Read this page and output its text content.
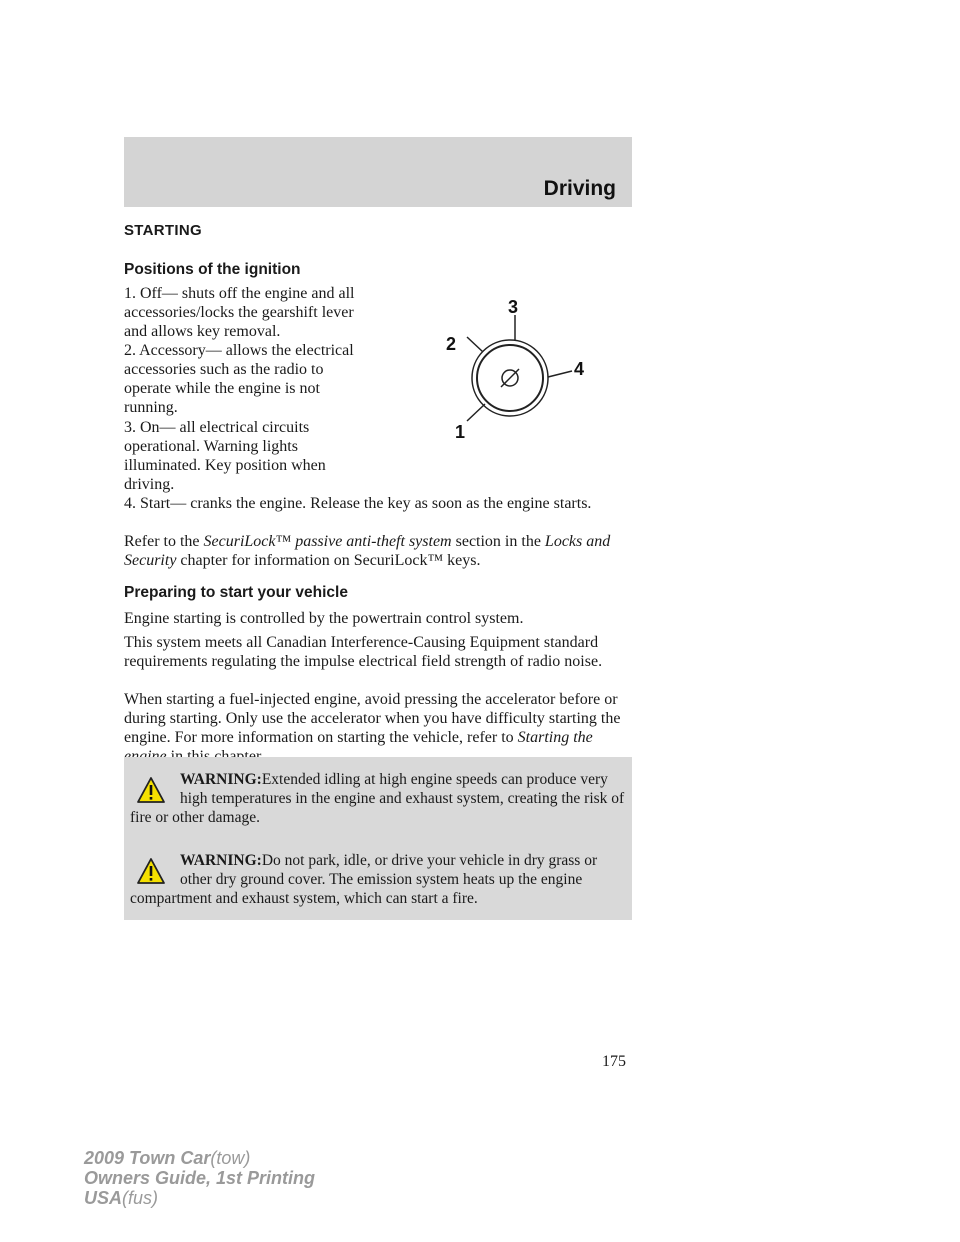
Driving
STARTING
Positions of the ignition

1. Off— shuts off the engine and all accessories/locks the gearshift lever and allows key removal.

2. Accessory— allows the electrical accessories such as the radio to operate while the engine is not running.

3. On— all electrical circuits operational. Warning lights illuminated. Key position when driving.

4. Start— cranks the engine. Release the key as soon as the engine starts.

1
2
3
4

Refer to the SecuriLock™ passive anti-theft system section in the Locks and Security chapter for information on SecuriLock™ keys.

Preparing to start your vehicle

Engine starting is controlled by the powertrain control system.

This system meets all Canadian Interference-Causing Equipment standard requirements regulating the impulse electrical field strength of radio noise.

When starting a fuel-injected engine, avoid pressing the accelerator before or during starting. Only use the accelerator when you have difficulty starting the engine. For more information on starting the vehicle, refer to Starting the

WARNING:Extended idling at high engine speeds can produce very high temperatures in the engine and exhaust system, creating the risk of fire or other damage.

WARNING:Do not park, idle, or drive your vehicle in dry grass or other dry ground cover. The emission system heats up the engine compartment and exhaust system, which can start a fire.

175
2009 Town Car(tow)
Owners Guide, 1st Printing
USA(fus)
